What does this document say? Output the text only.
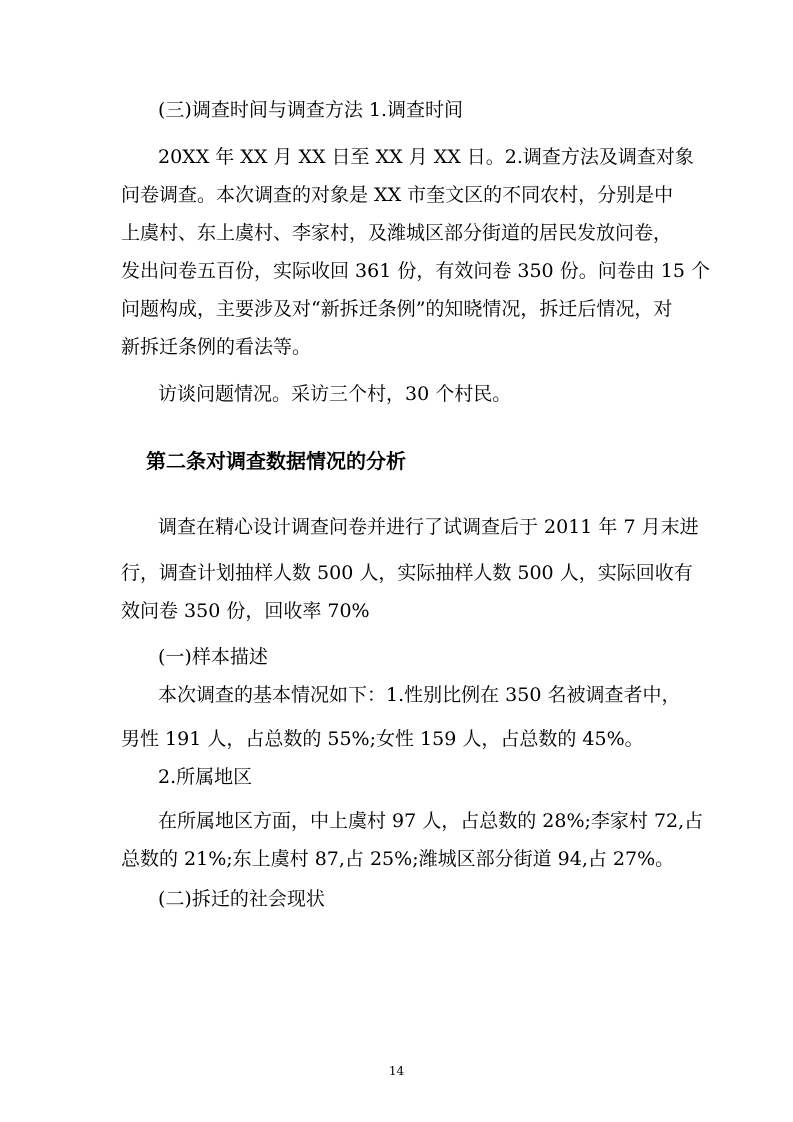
(三)调查时间与调查方法 1.调查时间

20XX 年 XX 月 XX 日至 XX 月 XX 日。2.调查方法及调查对象

问卷调查。本次调查的对象是 XX 市奎文区的不同农村，分别是中

上虞村、东上虞村、李家村，及潍城区部分街道的居民发放问卷，

发出问卷五百份，实际收回 361 份，有效问卷 350 份。问卷由 15 个

问题构成，主要涉及对“新拆迁条例”的知晓情况，拆迁后情况，对

新拆迁条例的看法等。

访谈问题情况。采访三个村，30 个村民。

第二条对调查数据情况的分析

调查在精心设计调查问卷并进行了试调查后于 2011 年 7 月末进

行，调查计划抽样人数 500 人，实际抽样人数 500 人，实际回收有

效问卷 350 份，回收率 70%

(一)样本描述

本次调查的基本情况如下：1.性别比例在 350 名被调查者中，

男性 191 人，占总数的 55%;女性 159 人，占总数的 45%。

2.所属地区

在所属地区方面，中上虞村 97 人，占总数的 28%;李家村 72,占

总数的 21%;东上虞村 87,占 25%;潍城区部分街道 94,占 27%。

(二)拆迁的社会现状

14
